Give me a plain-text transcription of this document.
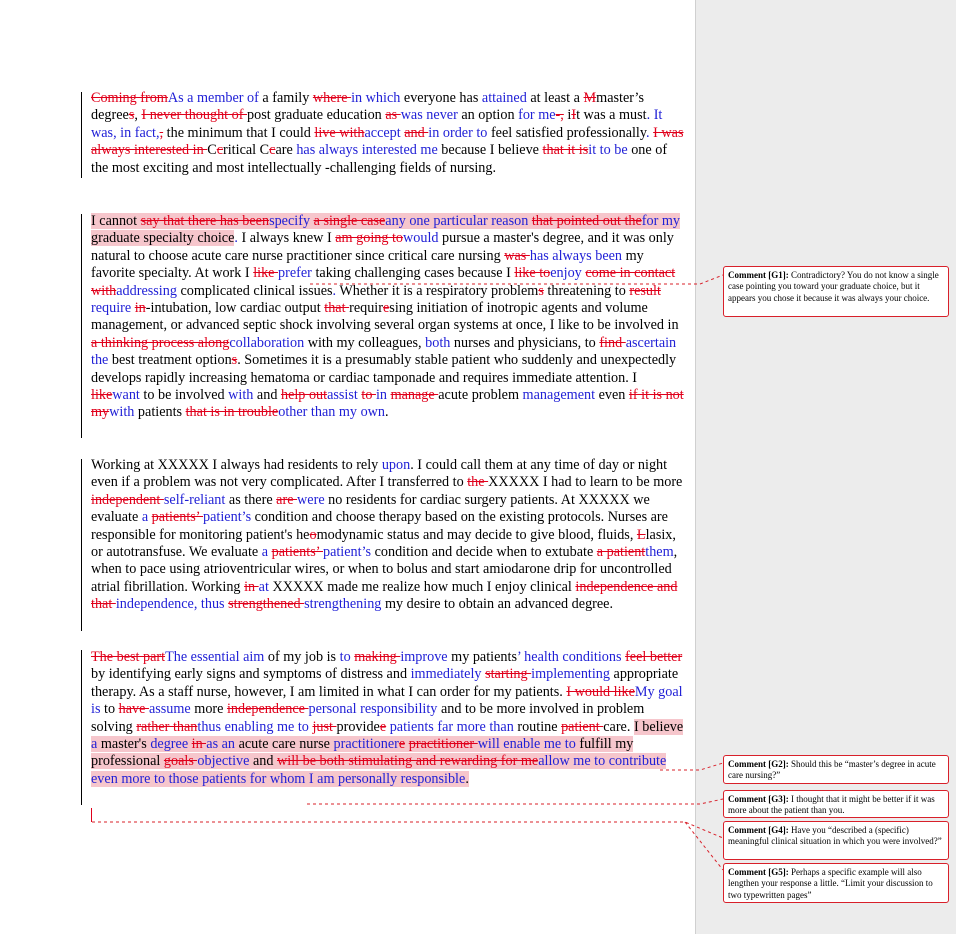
Coming fromAs a member of a family where in which everyone has attained at least a Mmaster’s degrees, I never thought of post graduate education as was never an option for me-, iIt was a must. It was, in fact,, the minimum that I could live withaccept and in order to feel satisfied professionally. I was always interested in Ccritical Ccare has always interested me because I believe that it isit to be one of the most exciting and most intellectually -challenging fields of nursing.
I cannot say that there has beenspecify a single caseany one particular reason that pointed out thefor my graduate specialty choice. I always knew I am going towould pursue a master's degree, and it was only natural to choose acute care nurse practitioner since critical care nursing was has always been my favorite specialty. At work I like prefer taking challenging cases because I like toenjoy come in contact withaddressing complicated clinical issues. Whether it is a respiratory problems threatening to result require in-intubation, low cardiac output that requiresing initiation of inotropic agents and volume management, or advanced septic shock involving several organ systems at once, I like to be involved in a thinking process alongcollaboration with my colleagues, both nurses and physicians, to find ascertain the best treatment options. Sometimes it is a presumably stable patient who suddenly and unexpectedly develops rapidly increasing hematoma or cardiac tamponade and requires immediate attention. I likewant to be involved with and help outassist to in manage acute problem management even if it is not mywith patients that is in troubleother than my own.
Working at XXXXX I always had residents to rely upon. I could call them at any time of day or night even if a problem was not very complicated. After I transferred to the XXXXX I had to learn to be more independent self-reliant as there are were no residents for cardiac surgery patients. At XXXXX we evaluate a patients’ patient’s condition and choose therapy based on the existing protocols. Nurses are responsible for monitoring patient's heomodynamic status and may decide to give blood, fluids, Llasix, or autotransfuse. We evaluate a patients’ patient’s condition and decide when to extubate a patientthem, when to pace using atrioventricular wires, or when to bolus and start amiodarone drip for uncontrolled atrial fibrillation. Working in at XXXXX made me realize how much I enjoy clinical independence and that independence, thus strengthened strengthening my desire to obtain an advanced degree.
The best partThe essential aim of my job is to making improve my patients’ health conditions feel better by identifying early signs and symptoms of distress and immediately starting implementing appropriate therapy. As a staff nurse, however, I am limited in what I can order for my patients. I would likeMy goal is to have assume more independence personal responsibility and to be more involved in problem solving rather thanthus enabling me to just providee patients far more than routine patient care. I believe a master's degree in as an acute care nurse practitionere practitioner will enable me to fulfill my professional goals objective and will be both stimulating and rewarding for meallow me to contribute even more to those patients for whom I am personally responsible.
Comment [G1]: Contradictory? You do not know a single case pointing you toward your graduate choice, but it appears you chose it because it was always your choice.
Comment [G2]: Should this be “master’s degree in acute care nursing?”
Comment [G3]: I thought that it might be better if it was more about the patient than you.
Comment [G4]: Have you “described a (specific) meaningful clinical situation in which you were involved?”
Comment [G5]: Perhaps a specific example will also lengthen your response a little. “Limit your discussion to two typewritten pages”
